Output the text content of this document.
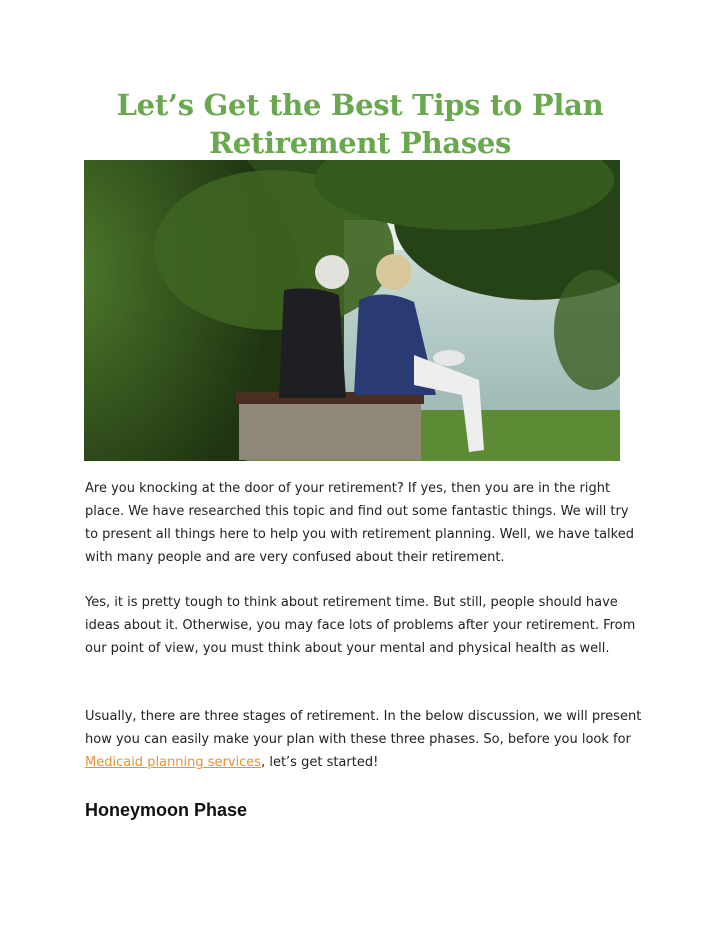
Let’s Get the Best Tips to Plan
Retirement Phases

Are you knocking at the door of your retirement? If yes, then you are in the right place. We have researched this topic and find out some fantastic things. We will try to present all things here to help you with retirement planning. Well, we have talked with many people and are very confused about their retirement.

Yes, it is pretty tough to think about retirement time. But still, people should have ideas about it. Otherwise, you may face lots of problems after your retirement. From our point of view, you must think about your mental and physical health as well.

Usually, there are three stages of retirement. In the below discussion, we will present how you can easily make your plan with these three phases. So, before you look for Medicaid planning services, let’s get started!

Honeymoon Phase
